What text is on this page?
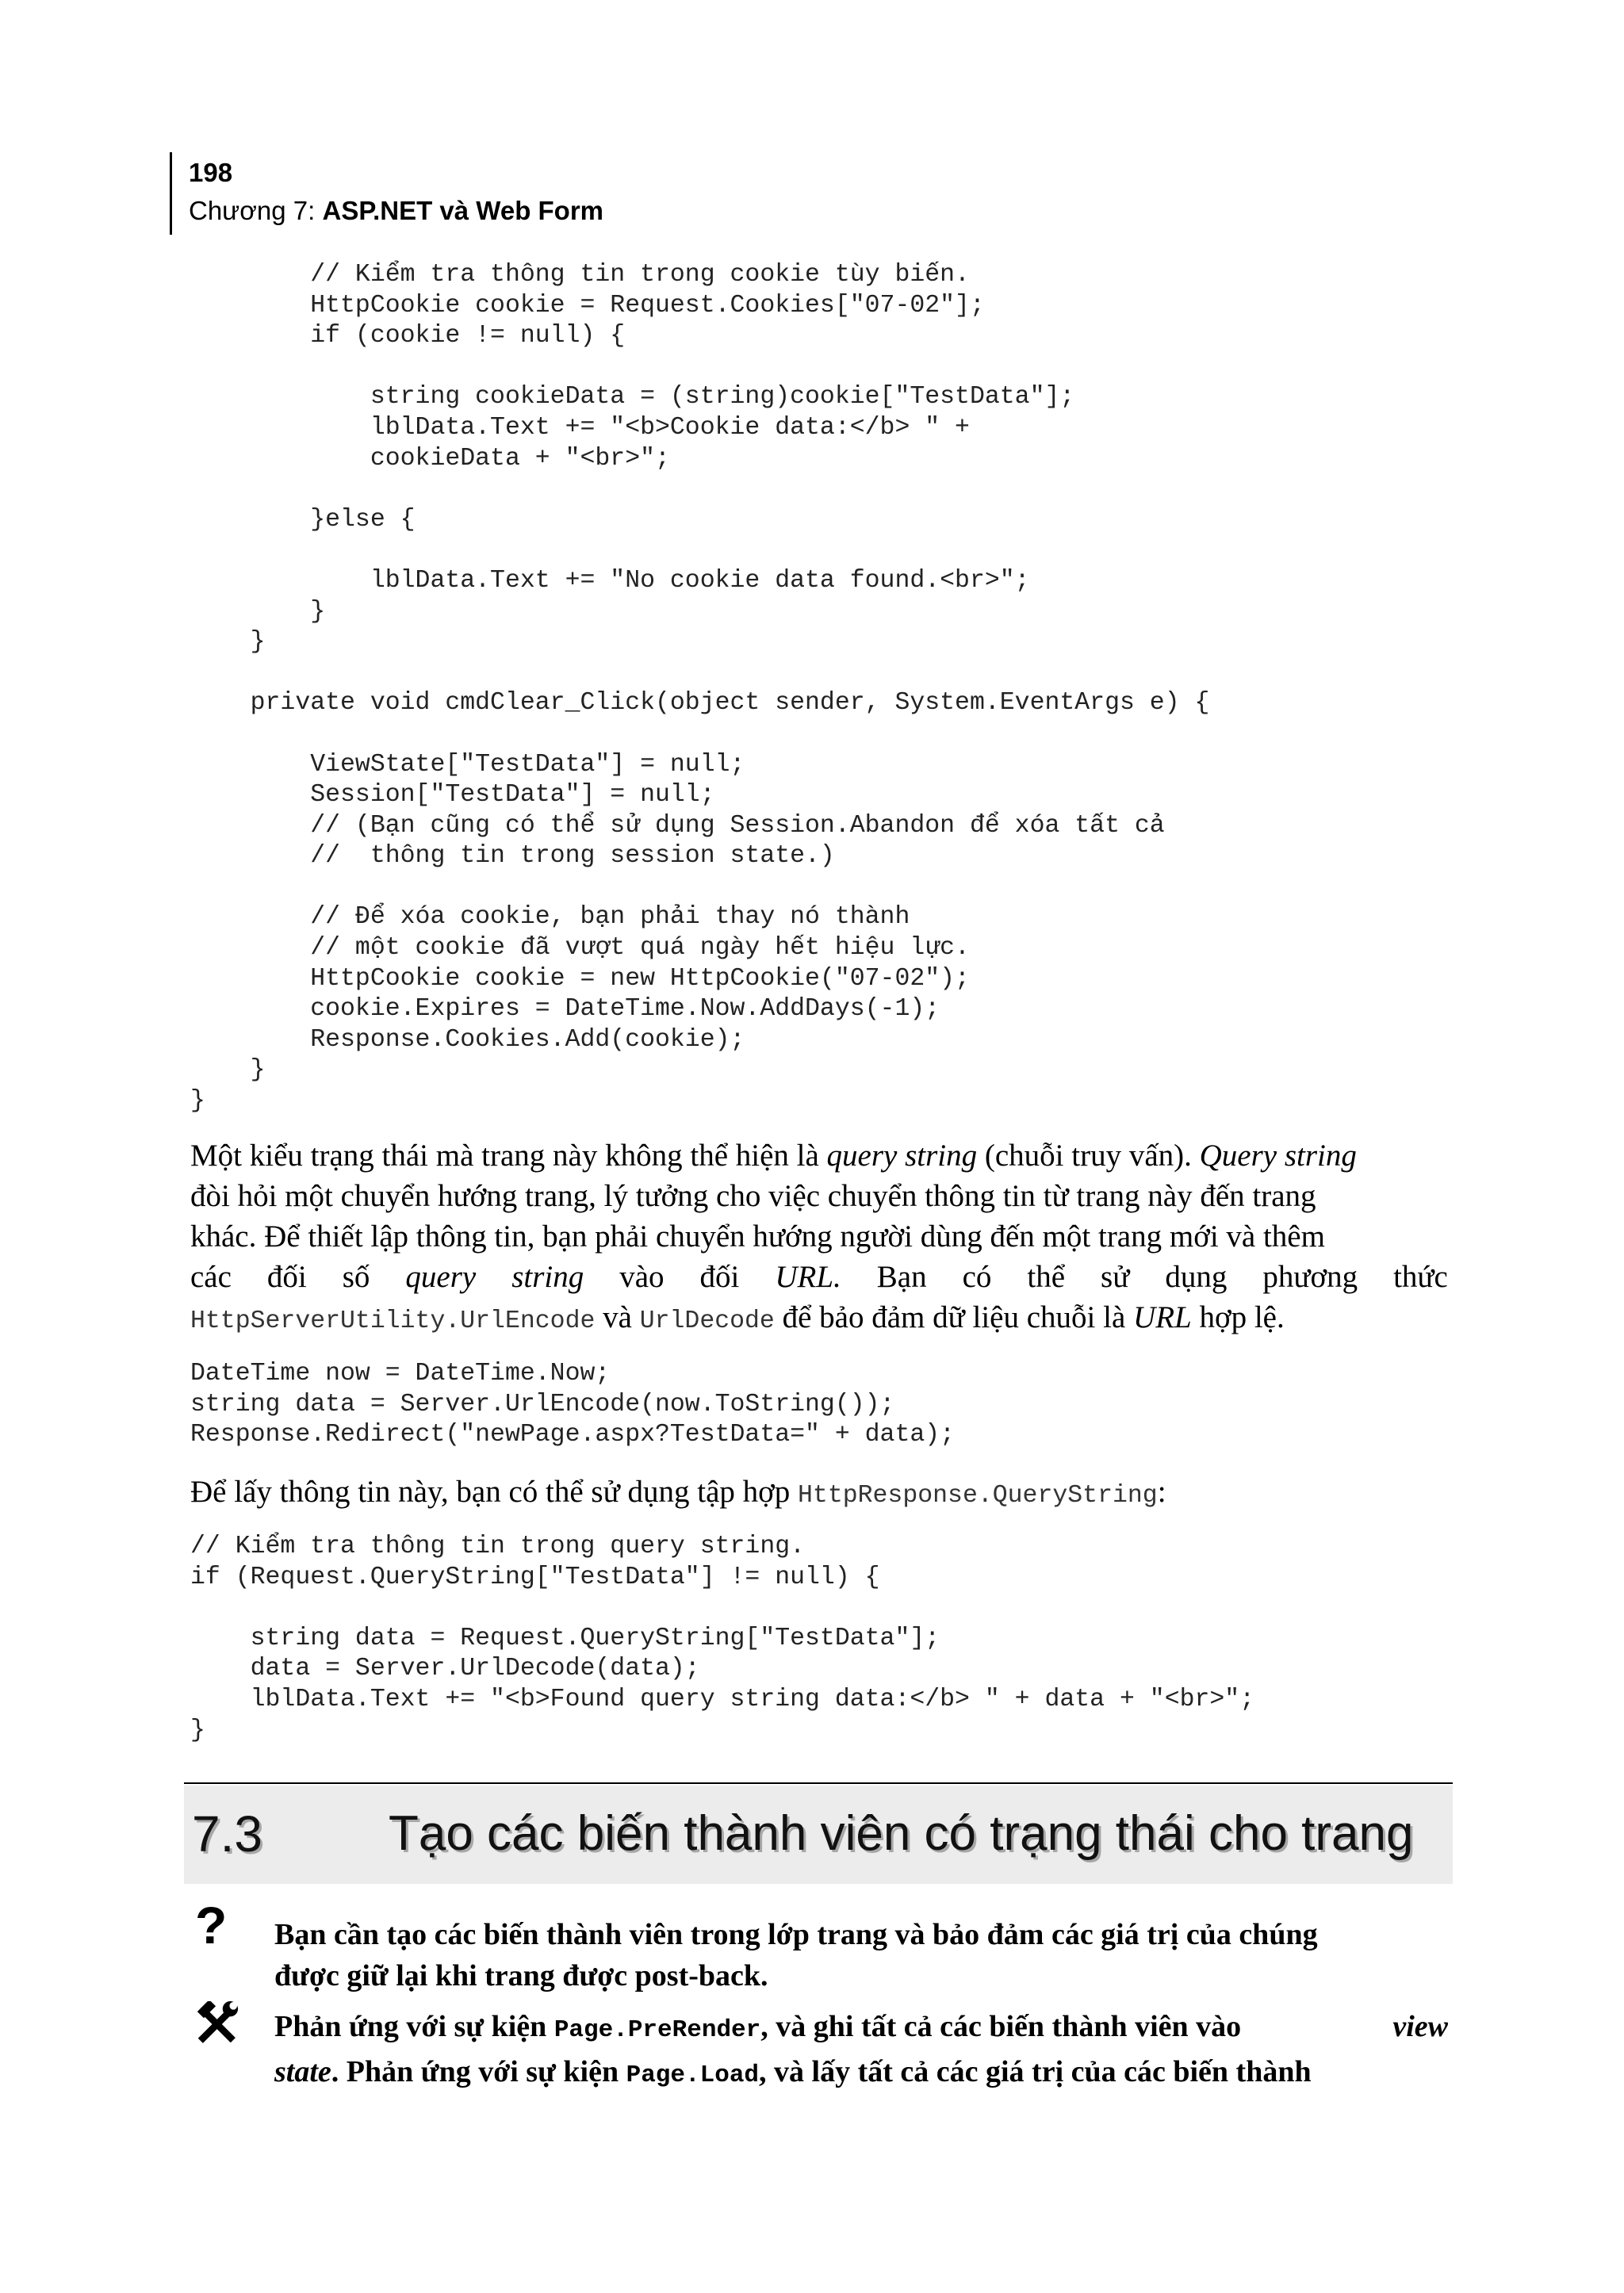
198
Chương 7: ASP.NET và Web Form
// Kiểm tra thông tin trong cookie tùy biến.
HttpCookie cookie = Request.Cookies["07-02"];
if (cookie != null) {

string cookieData = (string)cookie["TestData"];
lblData.Text += "<b>Cookie data:</b> " +
cookieData + "<br>";

}else {

lblData.Text += "No cookie data found.<br>";
}
}

private void cmdClear_Click(object sender, System.EventArgs e) {

ViewState["TestData"] = null;
Session["TestData"] = null;
// (Bạn cũng có thể sử dụng Session.Abandon để xóa tất cả
//  thông tin trong session state.)

// Để xóa cookie, bạn phải thay nó thành
// một cookie đã vượt quá ngày hết hiệu lực.
HttpCookie cookie = new HttpCookie("07-02");
cookie.Expires = DateTime.Now.AddDays(-1);
Response.Cookies.Add(cookie);
}
}
Một kiểu trạng thái mà trang này không thể hiện là query string (chuỗi truy vấn). Query string
đòi hỏi một chuyển hướng trang, lý tưởng cho việc chuyển thông tin từ trang này đến trang
khác. Để thiết lập thông tin, bạn phải chuyển hướng người dùng đến một trang mới và thêm
các đối số query string vào đối URL. Bạn có thể sử dụng phương thức
HttpServerUtility.UrlEncode và UrlDecode để bảo đảm dữ liệu chuỗi là URL hợp lệ.
DateTime now = DateTime.Now;
string data = Server.UrlEncode(now.ToString());
Response.Redirect("newPage.aspx?TestData=" + data);
Để lấy thông tin này, bạn có thể sử dụng tập hợp HttpResponse.QueryString:
// Kiểm tra thông tin trong query string.
if (Request.QueryString["TestData"] != null) {

string data = Request.QueryString["TestData"];
data = Server.UrlDecode(data);
lblData.Text += "<b>Found query string data:</b> " + data + "<br>";
}
7.3	Tạo các biến thành viên có trạng thái cho trang
? Bạn cần tạo các biến thành viên trong lớp trang và bảo đảm các giá trị của chúng
được giữ lại khi trang được post-back.
Phản ứng với sự kiện Page.PreRender, và ghi tất cả các biến thành viên vào	view
state. Phản ứng với sự kiện Page.Load, và lấy tất cả các giá trị của các biến thành
